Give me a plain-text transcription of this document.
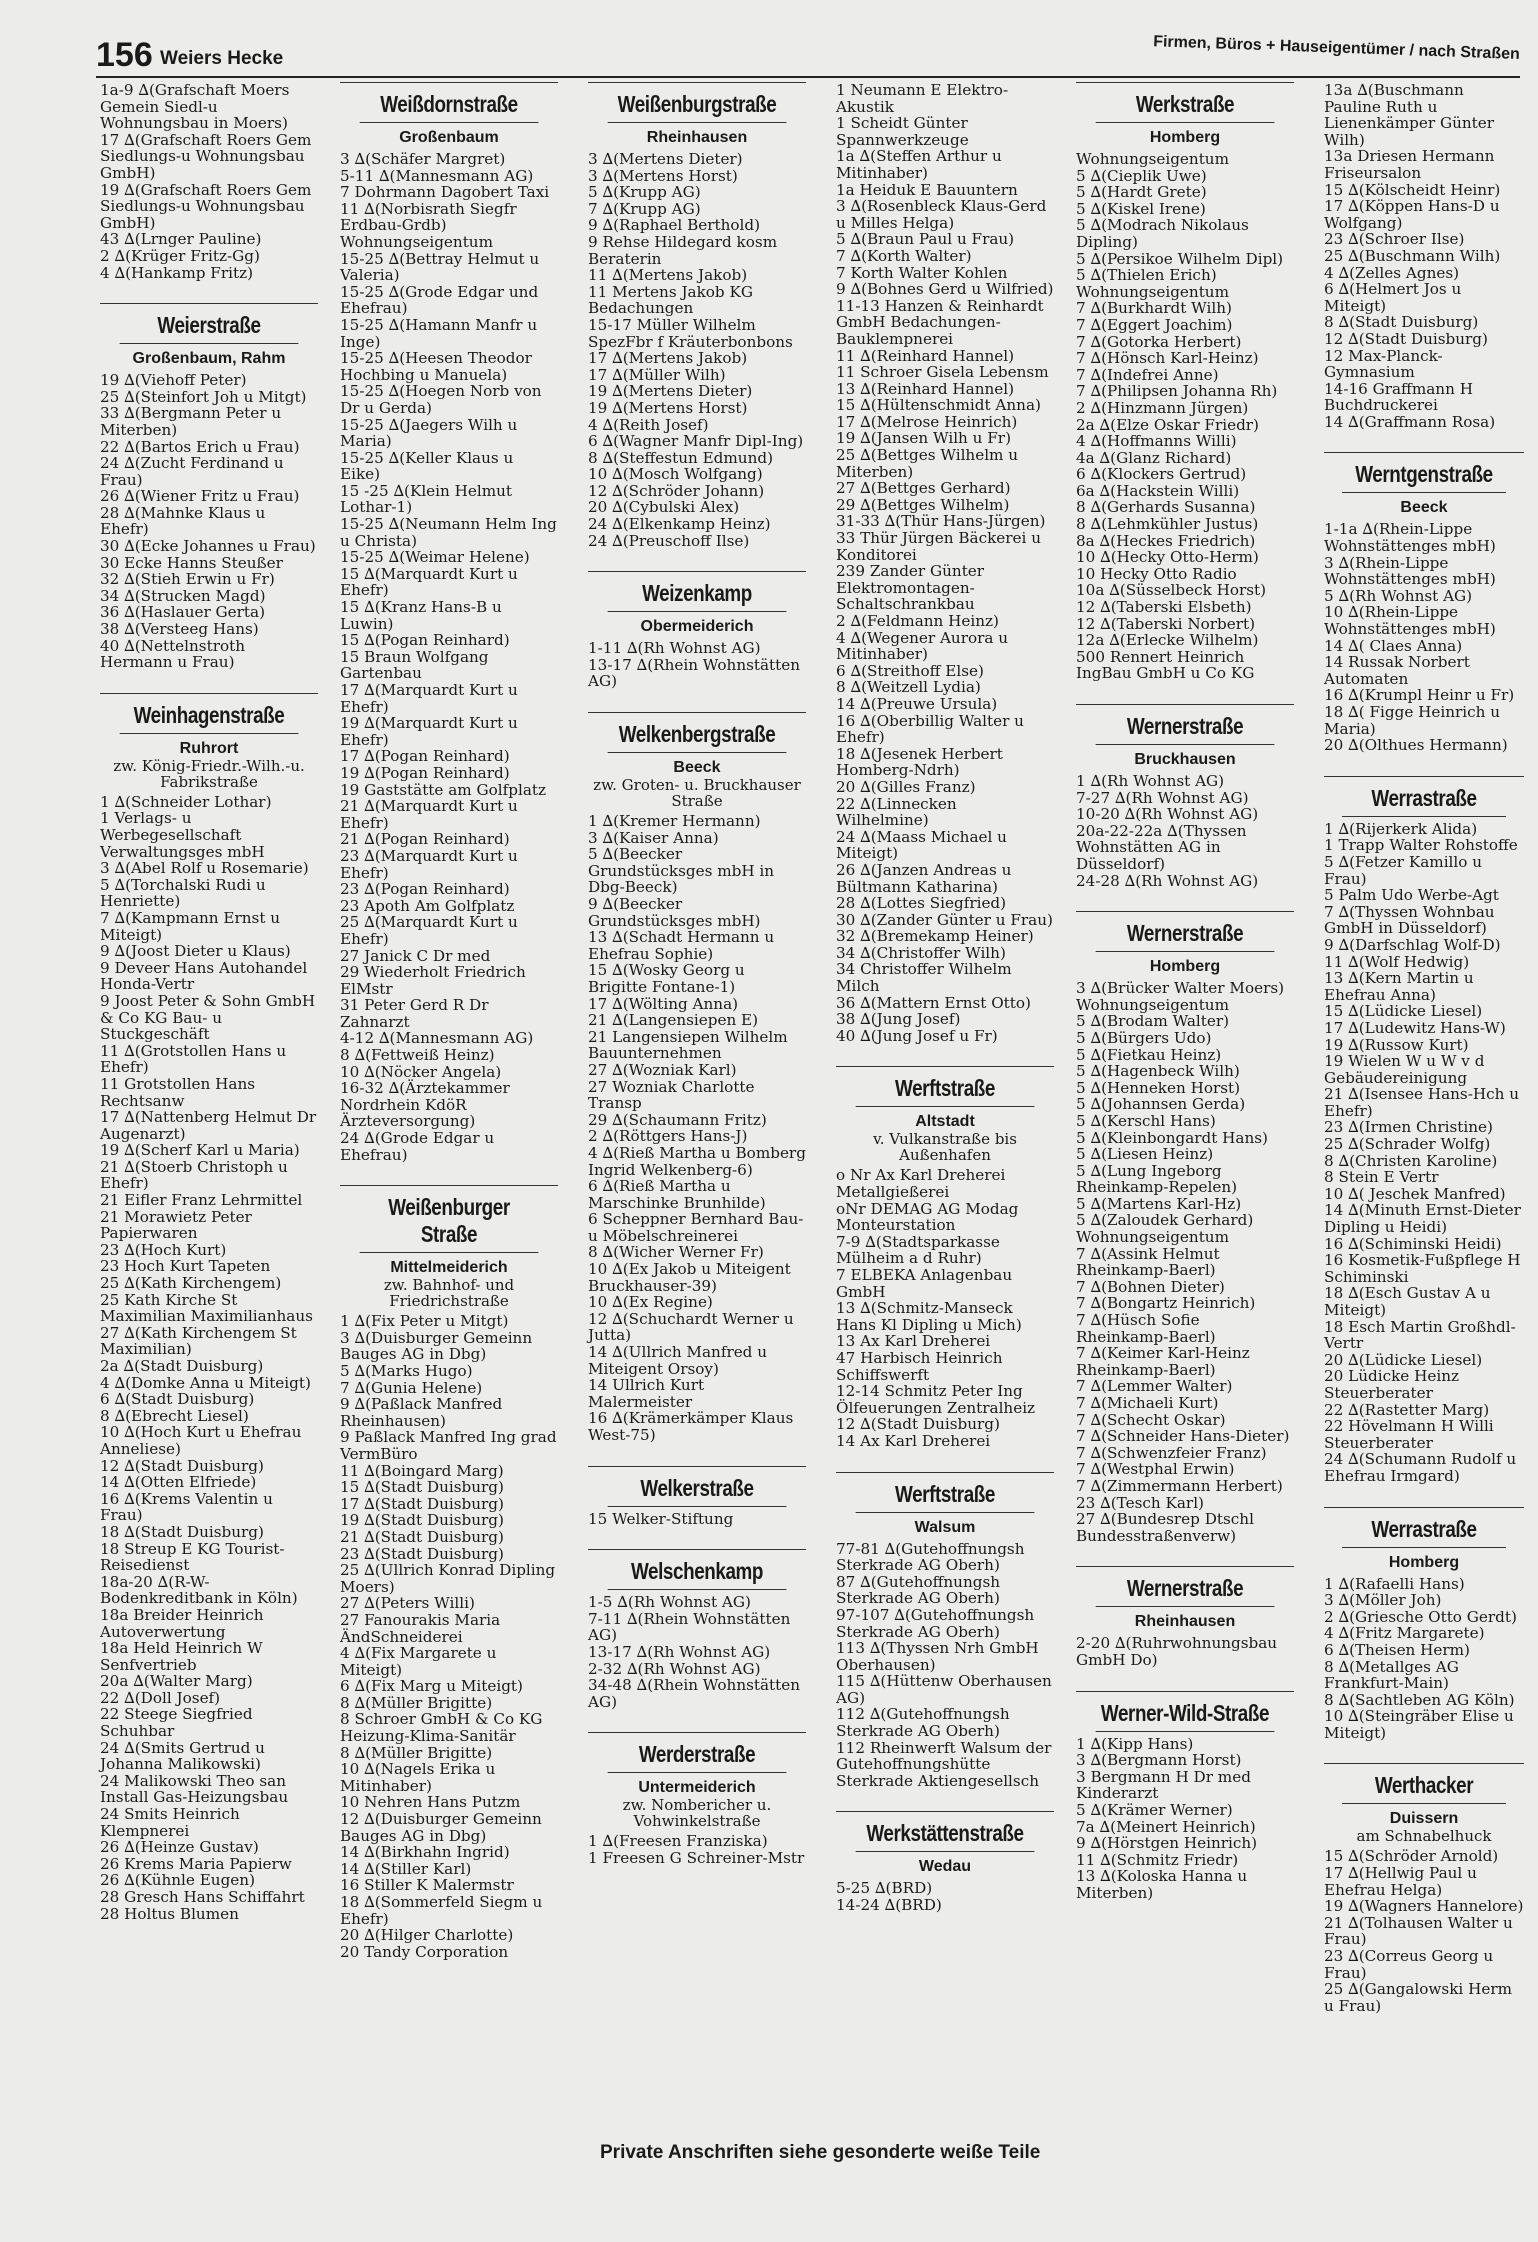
156 Weiers Hecke	Firmen, Büros + Hauseigentümer / nach Straßen
1a-9 ∆(Grafschaft Moers Gemein Siedl-u Wohnungsbau in Moers)
17 ∆(Grafschaft Roers Gem Siedlungs-u Wohnungsbau GmbH)
19 ∆(Grafschaft Roers Gem Siedlungs-u Wohnungsbau GmbH)
43 ∆(Lrnger Pauline)
2 ∆(Krüger Fritz-Gg)
4 ∆(Hankamp Fritz)
Weierstraße
Großenbaum, Rahm
19 ∆(Viehoff Peter)
25 ∆(Steinfort Joh u Mitgt)
33 ∆(Bergmann Peter u Miterben)
22 ∆(Bartos Erich u Frau)
24 ∆(Zucht Ferdinand u Frau)
26 ∆(Wiener Fritz u Frau)
28 ∆(Mahnke Klaus u Ehefr)
30 ∆(Ecke Johannes u Frau)
30 Ecke Hanns Steußer
32 ∆(Stieh Erwin u Fr)
34 ∆(Strucken Magd)
36 ∆(Haslauer Gerta)
38 ∆(Versteeg Hans)
40 ∆(Nettelnstroth Hermann u Frau)
Weinhagenstraße
Ruhrort
zw. König-Friedr.-Wilh.-u. Fabrikstraße
1 ∆(Schneider Lothar)
1 Verlags- u Werbegesellschaft Verwaltungsges mbH
3 ∆(Abel Rolf u Rosemarie)
5 ∆(Torchalski Rudi u Henriette)
7 ∆(Kampmann Ernst u Miteigt)
9 ∆(Joost Dieter u Klaus)
9 Deveer Hans Autohandel Honda-Vertr
9 Joost Peter & Sohn GmbH & Co KG Bau- u Stuckgeschäft
11 ∆(Grotstollen Hans u Ehefr)
11 Grotstollen Hans Rechtsanw
17 ∆(Nattenberg Helmut Dr Augenarzt)
19 ∆(Scherf Karl u Maria)
21 ∆(Stoerb Christoph u Ehefr)
21 Eifler Franz Lehrmittel
21 Morawietz Peter Papierwaren
23 ∆(Hoch Kurt)
23 Hoch Kurt Tapeten
25 ∆(Kath Kirchengem)
25 Kath Kirche St Maximilian Maximilianhaus
27 ∆(Kath Kirchengem St Maximilian)
2a ∆(Stadt Duisburg)
4 ∆(Domke Anna u Miteigt)
6 ∆(Stadt Duisburg)
8 ∆(Ebrecht Liesel)
10 ∆(Hoch Kurt u Ehefrau Anneliese)
12 ∆(Stadt Duisburg)
14 ∆(Otten Elfriede)
16 ∆(Krems Valentin u Frau)
18 ∆(Stadt Duisburg)
18 Streup E KG Tourist-Reisedienst
18a-20 ∆(R-W-Bodenkreditbank in Köln)
18a Breider Heinrich Autoverwertung
18a Held Heinrich W Senfvertrieb
20a ∆(Walter Marg)
22 ∆(Doll Josef)
22 Steege Siegfried Schuhbar
24 ∆(Smits Gertrud u Johanna Malikowski)
24 Malikowski Theo san Install Gas-Heizungsbau
24 Smits Heinrich Klempnerei
26 ∆(Heinze Gustav)
26 Krems Maria Papierw
26 ∆(Kühnle Eugen)
28 Gresch Hans Schiffahrt
28 Holtus Blumen
Weißdornstraße
Großenbaum
3 ∆(Schäfer Margret)
5-11 ∆(Mannesmann AG)
7 Dohrmann Dagobert Taxi
11 ∆(Norbisrath Siegfr Erdbau-Grdb)
Wohnungseigentum
15-25 ∆(Bettray Helmut u Valeria)
15-25 ∆(Grode Edgar und Ehefrau)
15-25 ∆(Hamann Manfr u Inge)
15-25 ∆(Heesen Theodor Hochbing u Manuela)
15-25 ∆(Hoegen Norb von Dr u Gerda)
15-25 ∆(Jaegers Wilh u Maria)
15-25 ∆(Keller Klaus u Eike)
15 -25 ∆(Klein Helmut Lothar-1)
15-25 ∆(Neumann Helm Ing u Christa)
15-25 ∆(Weimar Helene)
15 ∆(Marquardt Kurt u Ehefr)
15 ∆(Kranz Hans-B u Luwin)
15 ∆(Pogan Reinhard)
15 Braun Wolfgang Gartenbau
17 ∆(Marquardt Kurt u Ehefr)
19 ∆(Marquardt Kurt u Ehefr)
17 ∆(Pogan Reinhard)
19 ∆(Pogan Reinhard)
19 Gaststätte am Golfplatz
21 ∆(Marquardt Kurt u Ehefr)
21 ∆(Pogan Reinhard)
23 ∆(Marquardt Kurt u Ehefr)
23 ∆(Pogan Reinhard)
23 Apoth Am Golfplatz
25 ∆(Marquardt Kurt u Ehefr)
27 Janick C Dr med
29 Wiederholt Friedrich ElMstr
31 Peter Gerd R Dr Zahnarzt
4-12 ∆(Mannesmann AG)
8 ∆(Fettweiß Heinz)
10 ∆(Nöcker Angela)
16-32 ∆(Ärztekammer Nordrhein KdöR Ärzteversorgung)
24 ∆(Grode Edgar u Ehefrau)
Weißenburger Straße
Mittelmeiderich
zw. Bahnhof- und Friedrichstraße
1 ∆(Fix Peter u Mitgt)
3 ∆(Duisburger Gemeinn Bauges AG in Dbg)
5 ∆(Marks Hugo)
7 ∆(Gunia Helene)
9 ∆(Paßlack Manfred Rheinhausen)
9 Paßlack Manfred Ing grad VermBüro
11 ∆(Boingard Marg)
15 ∆(Stadt Duisburg)
17 ∆(Stadt Duisburg)
19 ∆(Stadt Duisburg)
21 ∆(Stadt Duisburg)
23 ∆(Stadt Duisburg)
25 ∆(Ullrich Konrad Dipling Moers)
27 ∆(Peters Willi)
27 Fanourakis Maria ÄndSchneiderei
4 ∆(Fix Margarete u Miteigt)
6 ∆(Fix Marg u Miteigt)
8 ∆(Müller Brigitte)
8 Schroer GmbH & Co KG Heizung-Klima-Sanitär
8 ∆(Müller Brigitte)
10 ∆(Nagels Erika u Mitinhaber)
10 Nehren Hans Putzm
12 ∆(Duisburger Gemeinn Bauges AG in Dbg)
14 ∆(Birkhahn Ingrid)
14 ∆(Stiller Karl)
16 Stiller K Malermstr
18 ∆(Sommerfeld Siegm u Ehefr)
20 ∆(Hilger Charlotte)
20 Tandy Corporation
Weißenburgstraße
Rheinhausen
3 ∆(Mertens Dieter)
3 ∆(Mertens Horst)
5 ∆(Krupp AG)
7 ∆(Krupp AG)
9 ∆(Raphael Berthold)
9 Rehse Hildegard kosm Beraterin
11 ∆(Mertens Jakob)
11 Mertens Jakob KG Bedachungen
15-17 Müller Wilhelm SpezFbr f Kräuterbonbons
17 ∆(Mertens Jakob)
17 ∆(Müller Wilh)
19 ∆(Mertens Dieter)
19 ∆(Mertens Horst)
4 ∆(Reith Josef)
6 ∆(Wagner Manfr Dipl-Ing)
8 ∆(Steffestun Edmund)
10 ∆(Mosch Wolfgang)
12 ∆(Schröder Johann)
20 ∆(Cybulski Alex)
24 ∆(Elkenkamp Heinz)
24 ∆(Preuschoff Ilse)
Weizenkamp
Obermeiderich
1-11 ∆(Rh Wohnst AG)
13-17 ∆(Rhein Wohnstätten AG)
Welkenbergstraße
Beeck
zw. Groten- u. Bruckhauser Straße
1 ∆(Kremer Hermann)
3 ∆(Kaiser Anna)
5 ∆(Beecker Grundstücksges mbH in Dbg-Beeck)
9 ∆(Beecker Grundstücksges mbH)
13 ∆(Schadt Hermann u Ehefrau Sophie)
15 ∆(Wosky Georg u Brigitte Fontane-1)
17 ∆(Wölting Anna)
21 ∆(Langensiepen E)
21 Langensiepen Wilhelm Bauunternehmen
27 ∆(Wozniak Karl)
27 Wozniak Charlotte Transp
29 ∆(Schaumann Fritz)
2 ∆(Röttgers Hans-J)
4 ∆(Rieß Martha u Bomberg Ingrid Welkenberg-6)
6 ∆(Rieß Martha u Marschinke Brunhilde)
6 Scheppner Bernhard Bau- u Möbelschreinerei
8 ∆(Wicher Werner Fr)
10 ∆(Ex Jakob u Miteigent Bruckhauser-39)
10 ∆(Ex Regine)
12 ∆(Schuchardt Werner u Jutta)
14 ∆(Ullrich Manfred u Miteigent Orsoy)
14 Ullrich Kurt Malermeister
16 ∆(Krämerkämper Klaus West-75)
Welkerstraße
15 Welker-Stiftung
Welschenkamp
1-5 ∆(Rh Wohnst AG)
7-11 ∆(Rhein Wohnstätten AG)
13-17 ∆(Rh Wohnst AG)
2-32 ∆(Rh Wohnst AG)
34-48 ∆(Rhein Wohnstätten AG)
Werderstraße
Untermeiderich
zw. Nombericher u. Vohwinkelstraße
1 ∆(Freesen Franziska)
1 Freesen G Schreiner-Mstr
1 Neumann E Elektro-Akustik
1 Scheidt Günter Spannwerkzeuge
1a ∆(Steffen Arthur u Mitinhaber)
1a Heiduk E Bauuntern
3 ∆(Rosenbleck Klaus-Gerd u Milles Helga)
5 ∆(Braun Paul u Frau)
7 ∆(Korth Walter)
7 Korth Walter Kohlen
9 ∆(Bohnes Gerd u Wilfried)
11-13 Hanzen & Reinhardt GmbH Bedachungen-Bauklempnerei
11 ∆(Reinhard Hannel)
11 Schroer Gisela Lebensm
13 ∆(Reinhard Hannel)
15 ∆(Hültenschmidt Anna)
17 ∆(Melrose Heinrich)
19 ∆(Jansen Wilh u Fr)
25 ∆(Bettges Wilhelm u Miterben)
27 ∆(Bettges Gerhard)
29 ∆(Bettges Wilhelm)
31-33 ∆(Thür Hans-Jürgen)
33 Thür Jürgen Bäckerei u Konditorei
239 Zander Günter Elektromontagen-Schaltschrankbau
2 ∆(Feldmann Heinz)
4 ∆(Wegener Aurora u Mitinhaber)
6 ∆(Streithoff Else)
8 ∆(Weitzell Lydia)
14 ∆(Preuwe Ursula)
16 ∆(Oberbillig Walter u Ehefr)
18 ∆(Jesenek Herbert Homberg-Ndrh)
20 ∆(Gilles Franz)
22 ∆(Linnecken Wilhelmine)
24 ∆(Maass Michael u Miteigt)
26 ∆(Janzen Andreas u Bültmann Katharina)
28 ∆(Lottes Siegfried)
30 ∆(Zander Günter u Frau)
32 ∆(Bremekamp Heiner)
34 ∆(Christoffer Wilh)
34 Christoffer Wilhelm Milch
36 ∆(Mattern Ernst Otto)
38 ∆(Jung Josef)
40 ∆(Jung Josef u Fr)
Werftstraße
Altstadt
v. Vulkanstraße bis Außenhafen
o Nr Ax Karl Dreherei Metallgießerei
oNr DEMAG AG Modag Monteurstation
7-9 ∆(Stadtsparkasse Mülheim a d Ruhr)
7 ELBEKA Anlagenbau GmbH
13 ∆(Schmitz-Manseck Hans Kl Dipling u Mich)
13 Ax Karl Dreherei
47 Harbisch Heinrich Schiffswerft
12-14 Schmitz Peter Ing Ölfeuerungen Zentralheiz
12 ∆(Stadt Duisburg)
14 Ax Karl Dreherei
Werftstraße
Walsum
77-81 ∆(Gutehoffnungsh Sterkrade AG Oberh)
87 ∆(Gutehoffnungsh Sterkrade AG Oberh)
97-107 ∆(Gutehoffnungsh Sterkrade AG Oberh)
113 ∆(Thyssen Nrh GmbH Oberhausen)
115 ∆(Hüttenw Oberhausen AG)
112 ∆(Gutehoffnungsh Sterkrade AG Oberh)
112 Rheinwerft Walsum der Gutehoffnungshütte Sterkrade Aktiengesellsch
Werkstättenstraße
Wedau
5-25 ∆(BRD)
14-24 ∆(BRD)
Werkstraße
Homberg
Wohnungseigentum
5 ∆(Cieplik Uwe)
5 ∆(Hardt Grete)
5 ∆(Kiskel Irene)
5 ∆(Modrach Nikolaus Dipling)
5 ∆(Persikoe Wilhelm Dipl)
5 ∆(Thielen Erich)
Wohnungseigentum
7 ∆(Burkhardt Wilh)
7 ∆(Eggert Joachim)
7 ∆(Gotorka Herbert)
7 ∆(Hönsch Karl-Heinz)
7 ∆(Indefrei Anne)
7 ∆(Philipsen Johanna Rh)
2 ∆(Hinzmann Jürgen)
2a ∆(Elze Oskar Friedr)
4 ∆(Hoffmanns Willi)
4a ∆(Glanz Richard)
6 ∆(Klockers Gertrud)
6a ∆(Hackstein Willi)
8 ∆(Gerhards Susanna)
8 ∆(Lehmkühler Justus)
8a ∆(Heckes Friedrich)
10 ∆(Hecky Otto-Herm)
10 Hecky Otto Radio
10a ∆(Süsselbeck Horst)
12 ∆(Taberski Elsbeth)
12 ∆(Taberski Norbert)
12a ∆(Erlecke Wilhelm)
500 Rennert Heinrich IngBau GmbH u Co KG
Wernerstraße
Bruckhausen
1 ∆(Rh Wohnst AG)
7-27 ∆(Rh Wohnst AG)
10-20 ∆(Rh Wohnst AG)
20a-22-22a ∆(Thyssen Wohnstätten AG in Düsseldorf)
24-28 ∆(Rh Wohnst AG)
Wernerstraße
Homberg
3 ∆(Brücker Walter Moers)
Wohnungseigentum
5 ∆(Brodam Walter)
5 ∆(Bürgers Udo)
5 ∆(Fietkau Heinz)
5 ∆(Hagenbeck Wilh)
5 ∆(Henneken Horst)
5 ∆(Johannsen Gerda)
5 ∆(Kerschl Hans)
5 ∆(Kleinbongardt Hans)
5 ∆(Liesen Heinz)
5 ∆(Lung Ingeborg Rheinkamp-Repelen)
5 ∆(Martens Karl-Hz)
5 ∆(Zaloudek Gerhard)
Wohnungseigentum
7 ∆(Assink Helmut Rheinkamp-Baerl)
7 ∆(Bohnen Dieter)
7 ∆(Bongartz Heinrich)
7 ∆(Hüsch Sofie Rheinkamp-Baerl)
7 ∆(Keimer Karl-Heinz Rheinkamp-Baerl)
7 ∆(Lemmer Walter)
7 ∆(Michaeli Kurt)
7 ∆(Schecht Oskar)
7 ∆(Schneider Hans-Dieter)
7 ∆(Schwenzfeier Franz)
7 ∆(Westphal Erwin)
7 ∆(Zimmermann Herbert)
23 ∆(Tesch Karl)
27 ∆(Bundesrep Dtschl Bundesstraßenverw)
Wernerstraße
Rheinhausen
2-20 ∆(Ruhrwohnungsbau GmbH Do)
Werner-Wild-Straße
1 ∆(Kipp Hans)
3 ∆(Bergmann Horst)
3 Bergmann H Dr med Kinderarzt
5 ∆(Krämer Werner)
7a ∆(Meinert Heinrich)
9 ∆(Hörstgen Heinrich)
11 ∆(Schmitz Friedr)
13 ∆(Koloska Hanna u Miterben)
13a ∆(Buschmann Pauline Ruth u Lienenkämper Günter Wilh)
13a Driesen Hermann Friseursalon
15 ∆(Kölscheidt Heinr)
17 ∆(Köppen Hans-D u Wolfgang)
23 ∆(Schroer Ilse)
25 ∆(Buschmann Wilh)
4 ∆(Zelles Agnes)
6 ∆(Helmert Jos u Miteigt)
8 ∆(Stadt Duisburg)
12 ∆(Stadt Duisburg)
12 Max-Planck-Gymnasium
14-16 Graffmann H Buchdruckerei
14 ∆(Graffmann Rosa)
Werntgenstraße
Beeck
1-1a ∆(Rhein-Lippe Wohnstättenges mbH)
3 ∆(Rhein-Lippe Wohnstättenges mbH)
5 ∆(Rh Wohnst AG)
10 ∆(Rhein-Lippe Wohnstättenges mbH)
14 ∆( Claes Anna)
14 Russak Norbert Automaten
16 ∆(Krumpl Heinr u Fr)
18 ∆( Figge Heinrich u Maria)
20 ∆(Olthues Hermann)
Werrastraße
1 ∆(Rijerkerk Alida)
1 Trapp Walter Rohstoffe
5 ∆(Fetzer Kamillo u Frau)
5 Palm Udo Werbe-Agt
7 ∆(Thyssen Wohnbau GmbH in Düsseldorf)
9 ∆(Darfschlag Wolf-D)
11 ∆(Wolf Hedwig)
13 ∆(Kern Martin u Ehefrau Anna)
15 ∆(Lüdicke Liesel)
17 ∆(Ludewitz Hans-W)
19 ∆(Russow Kurt)
19 Wielen W u W v d Gebäudereinigung
21 ∆(Isensee Hans-Hch u Ehefr)
23 ∆(Irmen Christine)
25 ∆(Schrader Wolfg)
8 ∆(Christen Karoline)
8 Stein E Vertr
10 ∆( Jeschek Manfred)
14 ∆(Minuth Ernst-Dieter Dipling u Heidi)
16 ∆(Schiminski Heidi)
16 Kosmetik-Fußpflege H Schiminski
18 ∆(Esch Gustav A u Miteigt)
18 Esch Martin Großhdl-Vertr
20 ∆(Lüdicke Liesel)
20 Lüdicke Heinz Steuerberater
22 ∆(Rastetter Marg)
22 Hövelmann H Willi Steuerberater
24 ∆(Schumann Rudolf u Ehefrau Irmgard)
Werrastraße
Homberg
1 ∆(Rafaelli Hans)
3 ∆(Möller Joh)
2 ∆(Griesche Otto Gerdt)
4 ∆(Fritz Margarete)
6 ∆(Theisen Herm)
8 ∆(Metallges AG Frankfurt-Main)
8 ∆(Sachtleben AG Köln)
10 ∆(Steingräber Elise u Miteigt)
Werthacker
Duissern
am Schnabelhuck
15 ∆(Schröder Arnold)
17 ∆(Hellwig Paul u Ehefrau Helga)
19 ∆(Wagners Hannelore)
21 ∆(Tolhausen Walter u Frau)
23 ∆(Correus Georg u Frau)
25 ∆(Gangalowski Herm u Frau)
Private Anschriften siehe gesonderte weiße Teile
